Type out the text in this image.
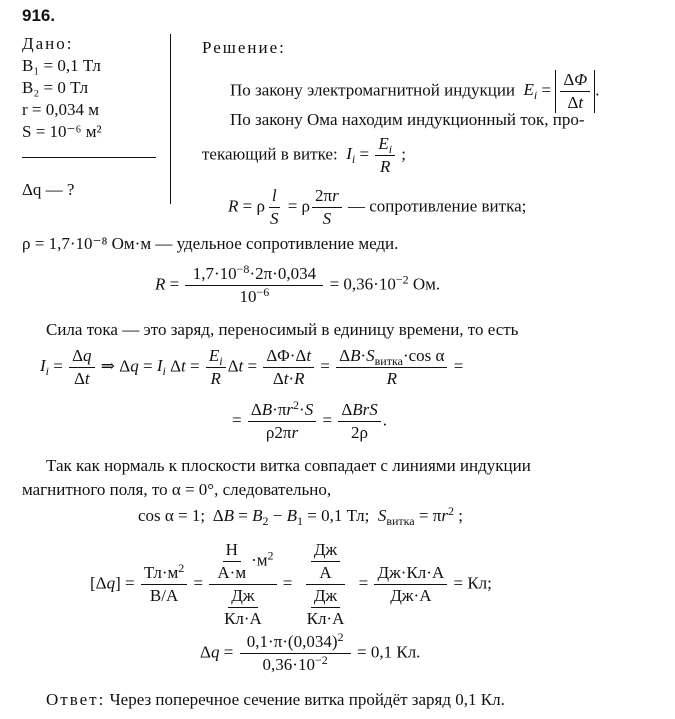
916.
Дано:
B₁ = 0,1 Тл
B₂ = 0 Тл
r = 0,034 м
S = 10⁻⁶ м²
Δq — ?
Решение:
По закону электромагнитной индукции  $E_i = \frac{\Delta\Phi}{\Delta t}$ .
По закону Ома находим индукционный ток, про-
текающий в витке:  $I_i = \frac{E_i}{R}$ ;
R = ρ $\frac{l}{S} = \rho \frac{2\pi r}{S}$ — сопротивление витка;
ρ = 1,7·10⁻⁸ Ом·м — удельное сопротивление меди.
$R = \frac{1,7\cdot 10^{-8}\cdot 2\pi\cdot 0,034}{10^{-6}} = 0,36\cdot 10^{-2}$ Ом.
Сила тока — это заряд, переносимый в единицу времени, то есть
$I_i = \frac{\Delta q}{\Delta t}$ ⇒ $\Delta q = I_i$ $\Delta t = \frac{E_i}{R}$ $\Delta t = \frac{\Delta\Phi\cdot\Delta t}{\Delta t\cdot R} = \frac{\Delta B\cdot S_{витка}\cdot\cos \alpha}{R}$ =
= $\frac{\Delta B\cdot\pi r^2\cdot S}{\rho 2\pi r} = \frac{\text{ΔBrS}}{2\rho}$ .
Так как нормаль к плоскости витка совпадает с линиями индукции
магнитного поля, то α = 0°, следовательно,
cos α = 1;  $\Delta B = B_2 - B_1 = 0,1$ Тл;  $S_{витка} = \pi r^2$ ;
$[\Delta q] = \frac{Тл\cdot м^2}{В/А} = \frac{\frac{Н}{А\cdot м} \cdot м^2}{\frac{Дж}{Кл\cdot А}} = \frac{\frac{Дж}{А}}{\frac{Дж}{Кл\cdot А}} = \frac{Дж\cdot Кл\cdot А}{Дж\cdot А}$ = Кл;
$\Delta q = \frac{0,1\cdot\pi\cdot(0,034)^2}{0,36\cdot 10^{-2}} = 0,1$ Кл.
Ответ: Через поперечное сечение витка пройдёт заряд 0,1 Кл.
